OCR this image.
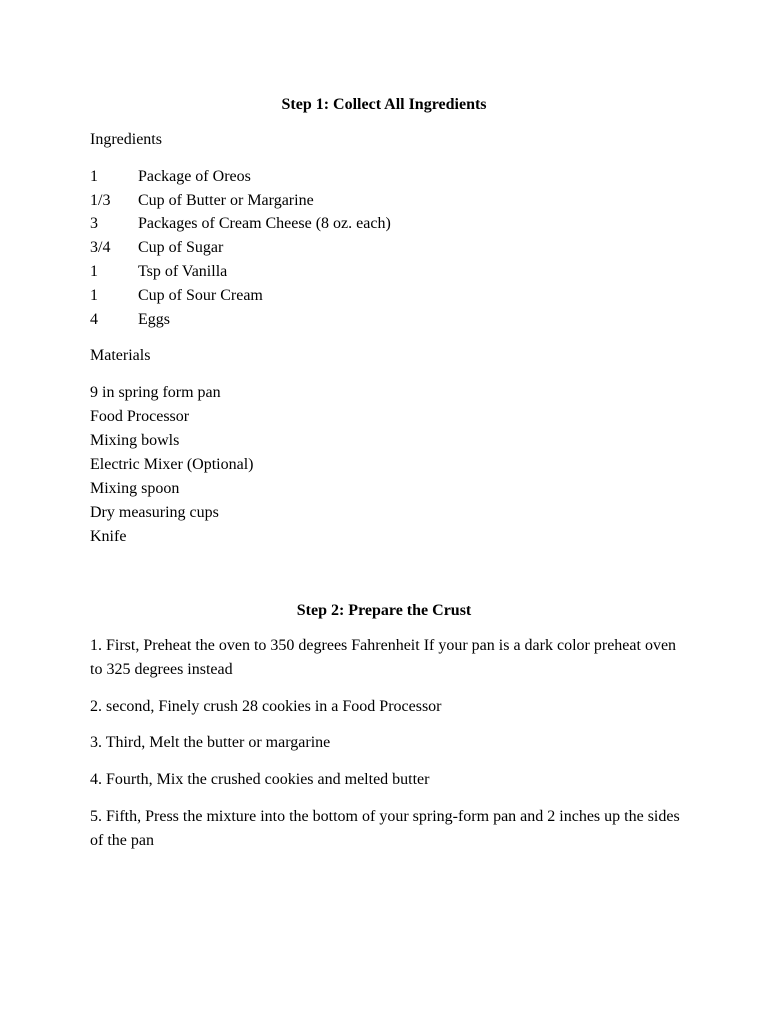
Step 1: Collect All Ingredients
Ingredients
1	Package of Oreos
1/3 Cup of Butter or Margarine
3	Packages of Cream Cheese (8 oz. each)
3/4 Cup of Sugar
1	Tsp of Vanilla
1	Cup of Sour Cream
4	Eggs
Materials
9 in spring form pan
Food Processor
Mixing bowls
Electric Mixer (Optional)
Mixing spoon
Dry measuring cups
Knife
Step 2: Prepare the Crust
1. First, Preheat the oven to 350 degrees Fahrenheit If your pan is a dark color preheat oven to 325 degrees instead
2. second, Finely crush 28 cookies in a Food Processor
3. Third, Melt the butter or margarine
4. Fourth, Mix the crushed cookies and melted butter
5. Fifth, Press the mixture into the bottom of your spring-form pan and 2 inches up the sides of the pan
